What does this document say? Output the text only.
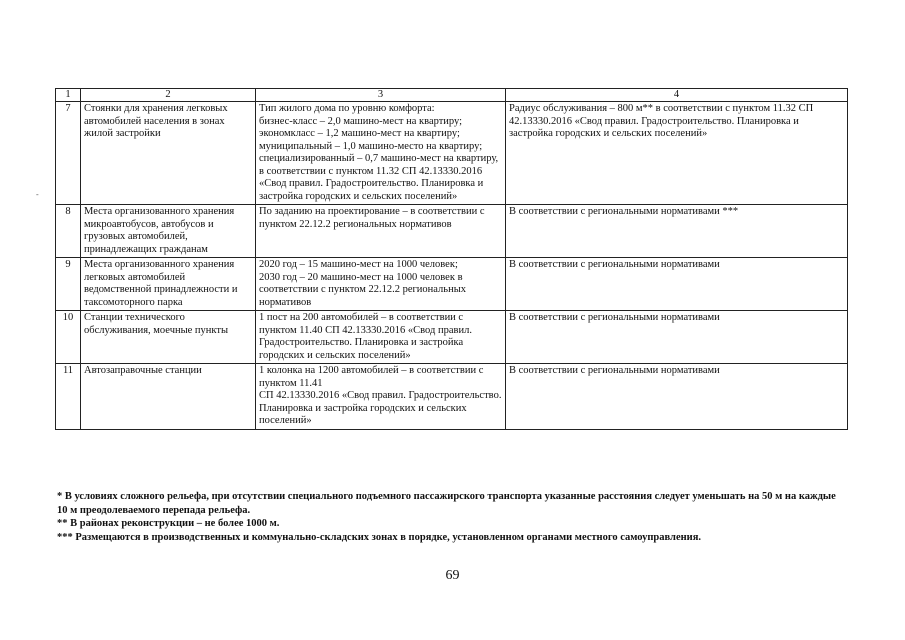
-
1	2	3	4
7	Стоянки для хранения легковых автомобилей населения в зонах жилой застройки	Тип жилого дома по уровню комфорта:
бизнес-класс – 2,0 машино-мест на квартиру;
экономкласс – 1,2 машино-мест на квартиру;
муниципальный – 1,0 машино-место на квартиру;
специализированный – 0,7 машино-мест на квартиру, в соответствии с пунктом 11.32 СП 42.13330.2016 «Свод правил. Градостроительство. Планировка и застройка городских и сельских поселений»	Радиус обслуживания – 800 м** в соответствии с пунктом 11.32 СП 42.13330.2016 «Свод правил. Градостроительство. Планировка и застройка городских и сельских поселений»
8	Места организованного хранения микроавтобусов, автобусов и грузовых автомобилей, принадлежащих гражданам	По заданию на проектирование – в соответствии с пунктом 22.12.2 региональных нормативов	В соответствии с региональными нормативами ***
9	Места организованного хранения легковых автомобилей ведомственной принадлежности и таксомоторного парка	2020 год – 15 машино-мест на 1000 человек;
2030 год – 20 машино-мест на 1000 человек в соответствии с пунктом 22.12.2 региональных нормативов	В соответствии с региональными нормативами
10	Станции технического обслуживания, моечные пункты	1 пост на 200 автомобилей – в соответствии с пунктом 11.40 СП 42.13330.2016 «Свод правил. Градостроительство. Планировка и застройка городских и сельских поселений»	В соответствии с региональными нормативами
11	Автозаправочные станции	1 колонка на 1200 автомобилей – в соответствии с пунктом 11.41
СП 42.13330.2016 «Свод правил. Градостроительство. Планировка и застройка городских и сельских поселений»	В соответствии с региональными нормативами

* В условиях сложного рельефа, при отсутствии специального подъемного пассажирского транспорта указанные расстояния следует уменьшать на 50 м на каждые 10 м преодолеваемого перепада рельефа.

** В районах реконструкции – не более 1000 м.

*** Размещаются в производственных и коммунально-складских зонах в порядке, установленном органами местного самоуправления.

69
